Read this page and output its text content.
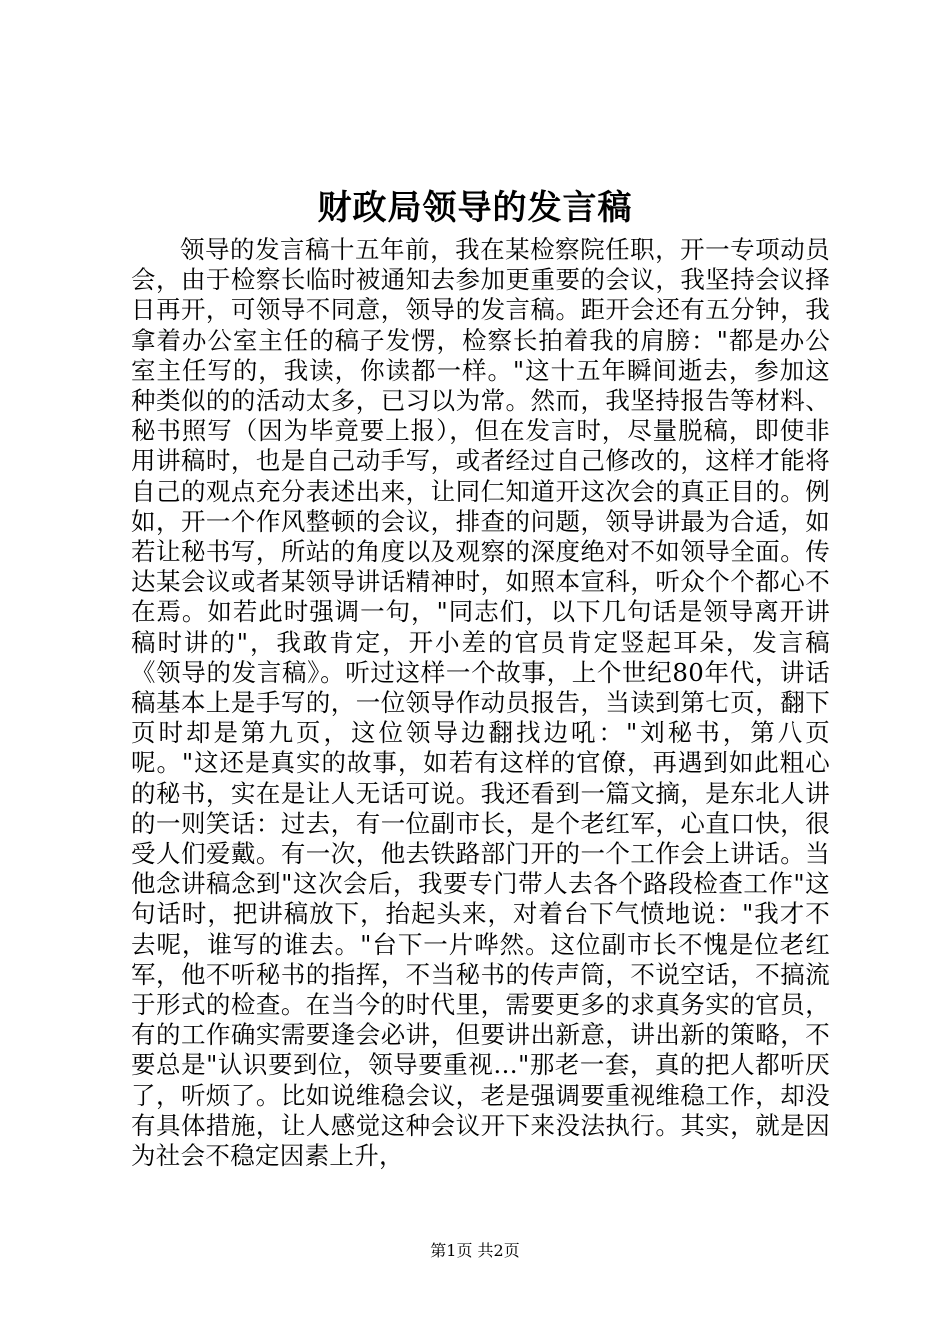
财政局领导的发言稿

领导的发言稿十五年前，我在某检察院任职，开一专项动员会，由于检察长临时被通知去参加更重要的会议，我坚持会议择日再开，可领导不同意，领导的发言稿。距开会还有五分钟，我拿着办公室主任的稿子发愣，检察长拍着我的肩膀："都是办公室主任写的，我读，你读都一样。"这十五年瞬间逝去，参加这种类似的的活动太多，已习以为常。然而，我坚持报告等材料、秘书照写（因为毕竟要上报），但在发言时，尽量脱稿，即使非用讲稿时，也是自己动手写，或者经过自己修改的，这样才能将自己的观点充分表述出来，让同仁知道开这次会的真正目的。例如，开一个作风整顿的会议，排查的问题，领导讲最为合适，如若让秘书写，所站的角度以及观察的深度绝对不如领导全面。传达某会议或者某领导讲话精神时，如照本宣科，听众个个都心不在焉。如若此时强调一句，"同志们，以下几句话是领导离开讲稿时讲的"，我敢肯定，开小差的官员肯定竖起耳朵，发言稿《领导的发言稿》。听过这样一个故事，上个世纪80年代，讲话稿基本上是手写的，一位领导作动员报告，当读到第七页，翻下页时却是第九页，这位领导边翻找边吼："刘秘书，第八页呢。"这还是真实的故事，如若有这样的官僚，再遇到如此粗心的秘书，实在是让人无话可说。我还看到一篇文摘，是东北人讲的一则笑话：过去，有一位副市长，是个老红军，心直口快，很受人们爱戴。有一次，他去铁路部门开的一个工作会上讲话。当他念讲稿念到"这次会后，我要专门带人去各个路段检查工作"这句话时，把讲稿放下，抬起头来，对着台下气愤地说："我才不去呢，谁写的谁去。"台下一片哗然。这位副市长不愧是位老红军，他不听秘书的指挥，不当秘书的传声筒，不说空话，不搞流于形式的检查。在当今的时代里，需要更多的求真务实的官员，有的工作确实需要逢会必讲，但要讲出新意，讲出新的策略，不要总是"认识要到位，领导要重视…"那老一套，真的把人都听厌了，听烦了。比如说维稳会议，老是强调要重视维稳工作，却没有具体措施，让人感觉这种会议开下来没法执行。其实，就是因为社会不稳定因素上升，

第1页 共2页
